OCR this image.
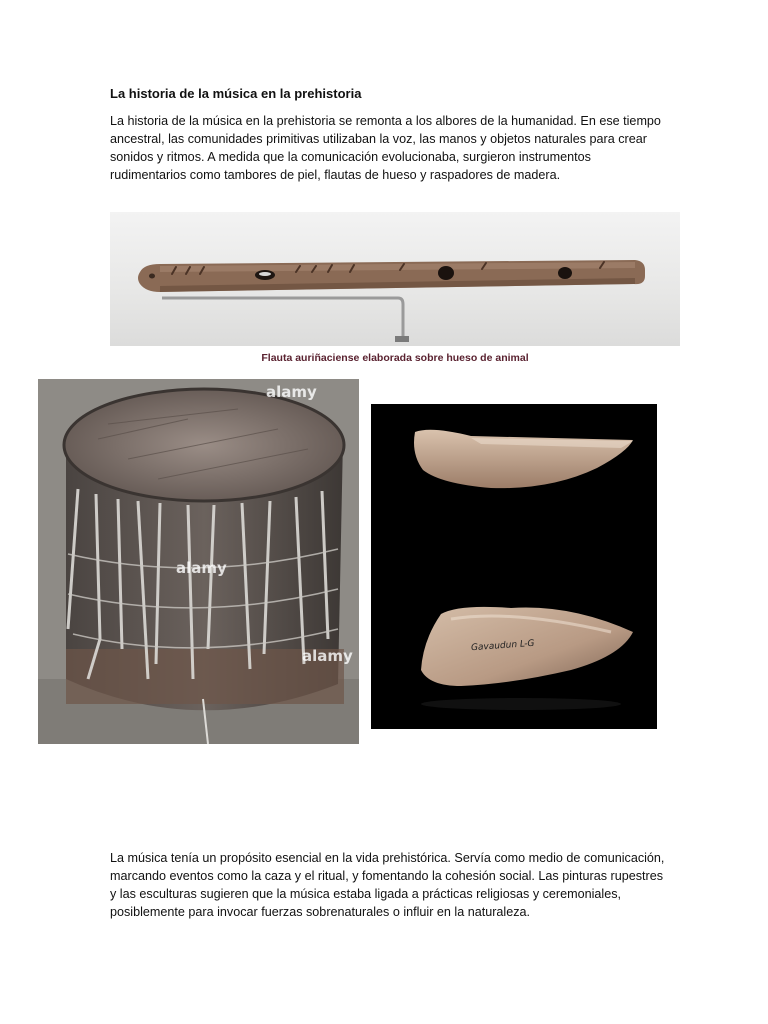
La historia de la música en la prehistoria

La historia de la música en la prehistoria se remonta a los albores de la humanidad. En ese tiempo ancestral, las comunidades primitivas utilizaban la voz, las manos y objetos naturales para crear sonidos y ritmos. A medida que la comunicación evolucionaba, surgieron instrumentos rudimentarios como tambores de piel, flautas de hueso y raspadores de madera.

Flauta auriñaciense elaborada sobre hueso de animal
alamy
alamy
alamy
Gavaudun L-G

La música tenía un propósito esencial en la vida prehistórica. Servía como medio de comunicación, marcando eventos como la caza y el ritual, y fomentando la cohesión social. Las pinturas rupestres y las esculturas sugieren que la música estaba ligada a prácticas religiosas y ceremoniales, posiblemente para invocar fuerzas sobrenaturales o influir en la naturaleza.
